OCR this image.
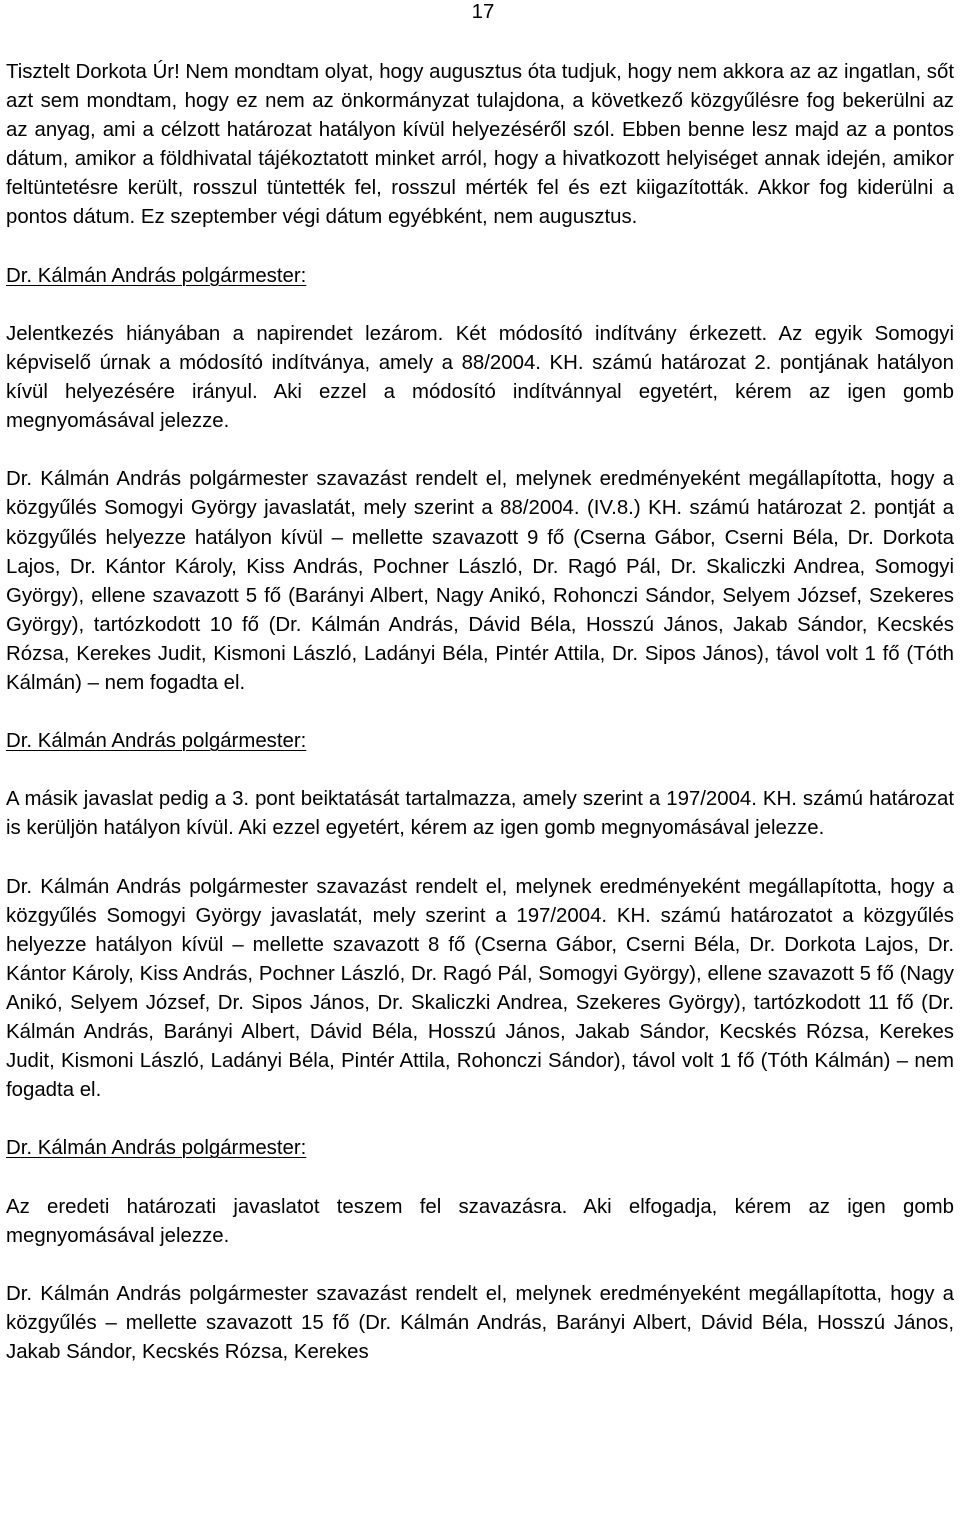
17

Tisztelt Dorkota Úr! Nem mondtam olyat, hogy augusztus óta tudjuk, hogy nem akkora az az ingatlan, sőt azt sem mondtam, hogy ez nem az önkormányzat tulajdona, a következő közgyűlésre fog bekerülni az az anyag, ami a célzott határozat hatályon kívül helyezéséről szól. Ebben benne lesz majd az a pontos dátum, amikor a földhivatal tájékoztatott minket arról, hogy a hivatkozott helyiséget annak idején, amikor feltüntetésre került, rosszul tüntették fel, rosszul mérték fel és ezt kiigazították. Akkor fog kiderülni a pontos dátum. Ez szeptember végi dátum egyébként, nem augusztus.

Dr. Kálmán András polgármester:

Jelentkezés hiányában a napirendet lezárom. Két módosító indítvány érkezett. Az egyik Somogyi képviselő úrnak a módosító indítványa, amely a 88/2004. KH. számú határozat 2. pontjának hatályon kívül helyezésére irányul. Aki ezzel a módosító indítvánnyal egyetért, kérem az igen gomb megnyomásával jelezze.

Dr. Kálmán András polgármester szavazást rendelt el, melynek eredményeként megállapította, hogy a közgyűlés Somogyi György javaslatát, mely szerint a 88/2004. (IV.8.) KH. számú határozat 2. pontját a közgyűlés helyezze hatályon kívül – mellette szavazott 9 fő (Cserna Gábor, Cserni Béla, Dr. Dorkota Lajos, Dr. Kántor Károly, Kiss András, Pochner László, Dr. Ragó Pál, Dr. Skaliczki Andrea, Somogyi György), ellene szavazott 5 fő (Barányi Albert, Nagy Anikó, Rohonczi Sándor, Selyem József, Szekeres György), tartózkodott 10 fő (Dr. Kálmán András, Dávid Béla, Hosszú János, Jakab Sándor, Kecskés Rózsa, Kerekes Judit, Kismoni László, Ladányi Béla, Pintér Attila, Dr. Sipos János), távol volt 1 fő (Tóth Kálmán) – nem fogadta el.

Dr. Kálmán András polgármester:

A másik javaslat pedig a 3. pont beiktatását tartalmazza, amely szerint a 197/2004. KH. számú határozat is kerüljön hatályon kívül. Aki ezzel egyetért, kérem az igen gomb megnyomásával jelezze.

Dr. Kálmán András polgármester szavazást rendelt el, melynek eredményeként megállapította, hogy a közgyűlés Somogyi György javaslatát, mely szerint a 197/2004. KH. számú határozatot a közgyűlés helyezze hatályon kívül – mellette szavazott 8 fő (Cserna Gábor, Cserni Béla, Dr. Dorkota Lajos, Dr. Kántor Károly, Kiss András, Pochner László, Dr. Ragó Pál, Somogyi György), ellene szavazott 5 fő (Nagy Anikó, Selyem József, Dr. Sipos János, Dr. Skaliczki Andrea, Szekeres György), tartózkodott 11 fő (Dr. Kálmán András, Barányi Albert, Dávid Béla, Hosszú János, Jakab Sándor, Kecskés Rózsa, Kerekes Judit, Kismoni László, Ladányi Béla, Pintér Attila, Rohonczi Sándor), távol volt 1 fő (Tóth Kálmán) – nem fogadta el.

Dr. Kálmán András polgármester:

Az eredeti határozati javaslatot teszem fel szavazásra. Aki elfogadja, kérem az igen gomb megnyomásával jelezze.

Dr. Kálmán András polgármester szavazást rendelt el, melynek eredményeként megállapította, hogy a közgyűlés – mellette szavazott 15 fő (Dr. Kálmán András, Barányi Albert, Dávid Béla, Hosszú János, Jakab Sándor, Kecskés Rózsa, Kerekes
